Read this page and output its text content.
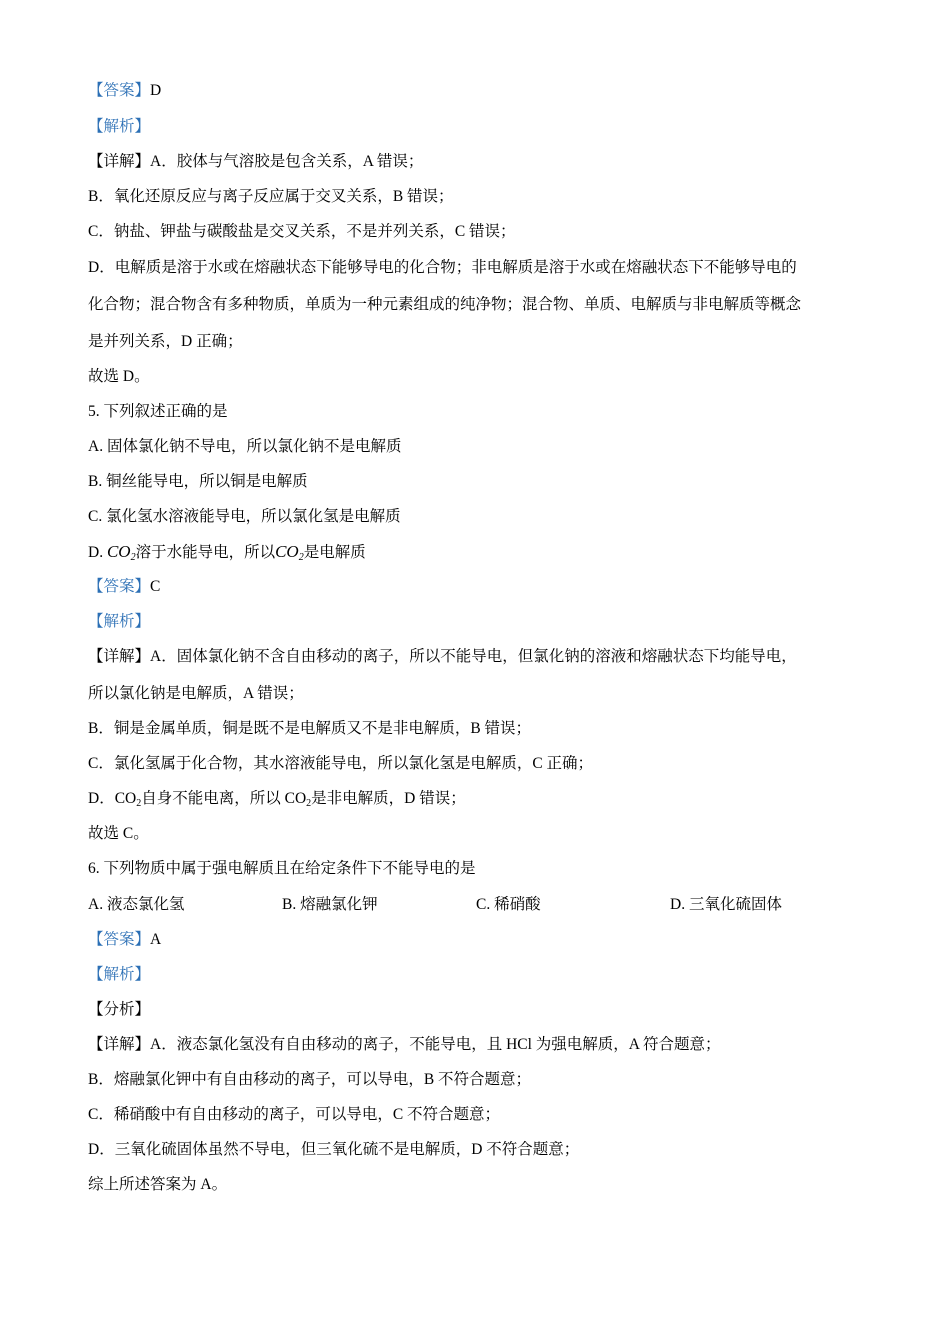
【答案】D
【解析】
【详解】A．胶体与气溶胶是包含关系，A 错误；
B．氧化还原反应与离子反应属于交叉关系，B 错误；
C．钠盐、钾盐与碳酸盐是交叉关系，不是并列关系，C 错误；
D．电解质是溶于水或在熔融状态下能够导电的化合物；非电解质是溶于水或在熔融状态下不能够导电的
化合物；混合物含有多种物质，单质为一种元素组成的纯净物；混合物、单质、电解质与非电解质等概念
是并列关系，D 正确；
故选 D。
5. 下列叙述正确的是
A. 固体氯化钠不导电，所以氯化钠不是电解质
B. 铜丝能导电，所以铜是电解质
C. 氯化氢水溶液能导电，所以氯化氢是电解质
D. $CO_2$溶于水能导电，所以$CO_2$是电解质
【答案】C
【解析】
【详解】A．固体氯化钠不含自由移动的离子，所以不能导电，但氯化钠的溶液和熔融状态下均能导电，
所以氯化钠是电解质，A 错误；
B．铜是金属单质，铜是既不是电解质又不是非电解质，B 错误；
C．氯化氢属于化合物，其水溶液能导电，所以氯化氢是电解质，C 正确；
D．$CO_2$自身不能电离，所以 $CO_2$是非电解质，D 错误；
故选 C。
6. 下列物质中属于强电解质且在给定条件下不能导电的是
A. 液态氯化氢	B. 熔融氯化钾	C. 稀硝酸	D. 三氧化硫固体
【答案】A
【解析】
【分析】
【详解】A．液态氯化氢没有自由移动的离子，不能导电，且 HCl 为强电解质，A 符合题意；
B．熔融氯化钾中有自由移动的离子，可以导电，B 不符合题意；
C．稀硝酸中有自由移动的离子，可以导电，C 不符合题意；
D．三氧化硫固体虽然不导电，但三氧化硫不是电解质，D 不符合题意；
综上所述答案为 A。
